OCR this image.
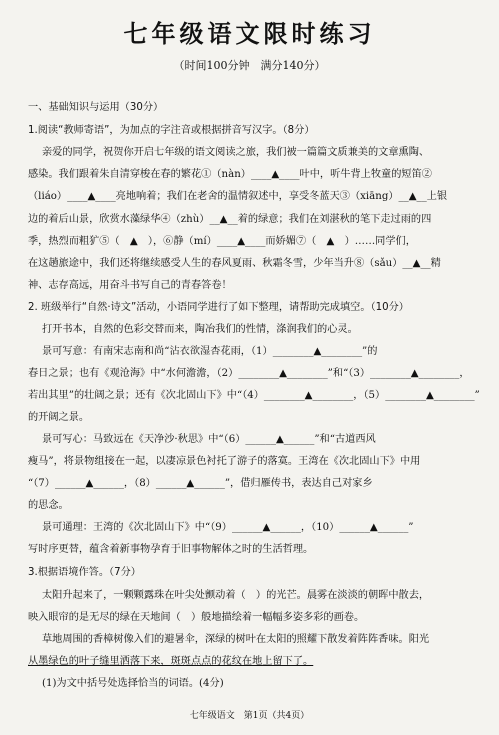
七年级语文限时练习
（时间100分钟　满分140分）
一、基础知识与运用（30分）
1.阅读“教师寄语”，为加点的字注音或根据拼音写汉字。（8分）
亲爱的同学，祝贺你开启七年级的语文阅读之旅，我们被一篇篇文质兼美的文章熏陶、
感染。我们跟着朱自清穿梭在春的繁花①（nàn）____▲____叶中，听牛背上牧童的短笛②
（liáo）____▲____亮地响着；我们在老舍的温情叙述中，享受冬蓝天③（xiāng）__▲__上银
边的着后山景，欣赏水藻绿华④（zhù）__▲__着的绿意；我们在刘湛秋的笔下走过雨的四
季，热烈而粗犷⑤（　▲　），⑥静（mí）____▲____而娇媚⑦（　▲　）……同学们，
在这趟旅途中，我们还将继续感受人生的春风夏雨、秋霜冬雪，少年当升⑧（sǎu）__▲__精
神、志存高远，用奋斗书写自己的青春答卷！
2. 班级举行“自然·诗文”活动，小语同学进行了如下整理，请帮助完成填空。（10分）
打开书本，自然的色彩交替而来，陶冶我们的性情，涤润我们的心灵。
景可写意：有南宋志南和尚“沾衣欲湿杏花雨，（1）________▲________”的
春日之景；也有《观沧海》中“水何澹澹，（2）________▲________”和“（3）________▲________，
若出其里”的壮阔之景；还有《次北固山下》中“（4）________▲________，（5）________▲________”
的开阔之景。
景可写心：马致远在《天净沙·秋思》中“（6）______▲______”和“古道西风
瘦马”，将景物组接在一起，以凄凉景色衬托了游子的落寞。王湾在《次北固山下》中用
“（7）______▲______，（8）______▲______”，借归雁传书，表达自己对家乡
的思念。
景可通理：王湾的《次北固山下》中“（9）______▲______，（10）______▲______”
写时序更替，蕴含着新事物孕育于旧事物解体之时的生活哲理。
3.根据语境作答。（7分）
太阳升起来了，一颗颗露珠在叶尖处颤动着（　）的光芒。晨雾在淡淡的朝晖中散去，
映入眼帘的是无尽的绿在天地间（　）般地描绘着一幅幅多姿多彩的画卷。
草地周围的香樟树像入们的避暑伞，深绿的树叶在太阳的照耀下散发着阵阵香味。阳光
从墨绿色的叶子缝里洒落下来，斑斑点点的花纹在地上留下了。
(1)为文中括号处选择恰当的词语。(4分)
七年级语文　第1页（共4页）
